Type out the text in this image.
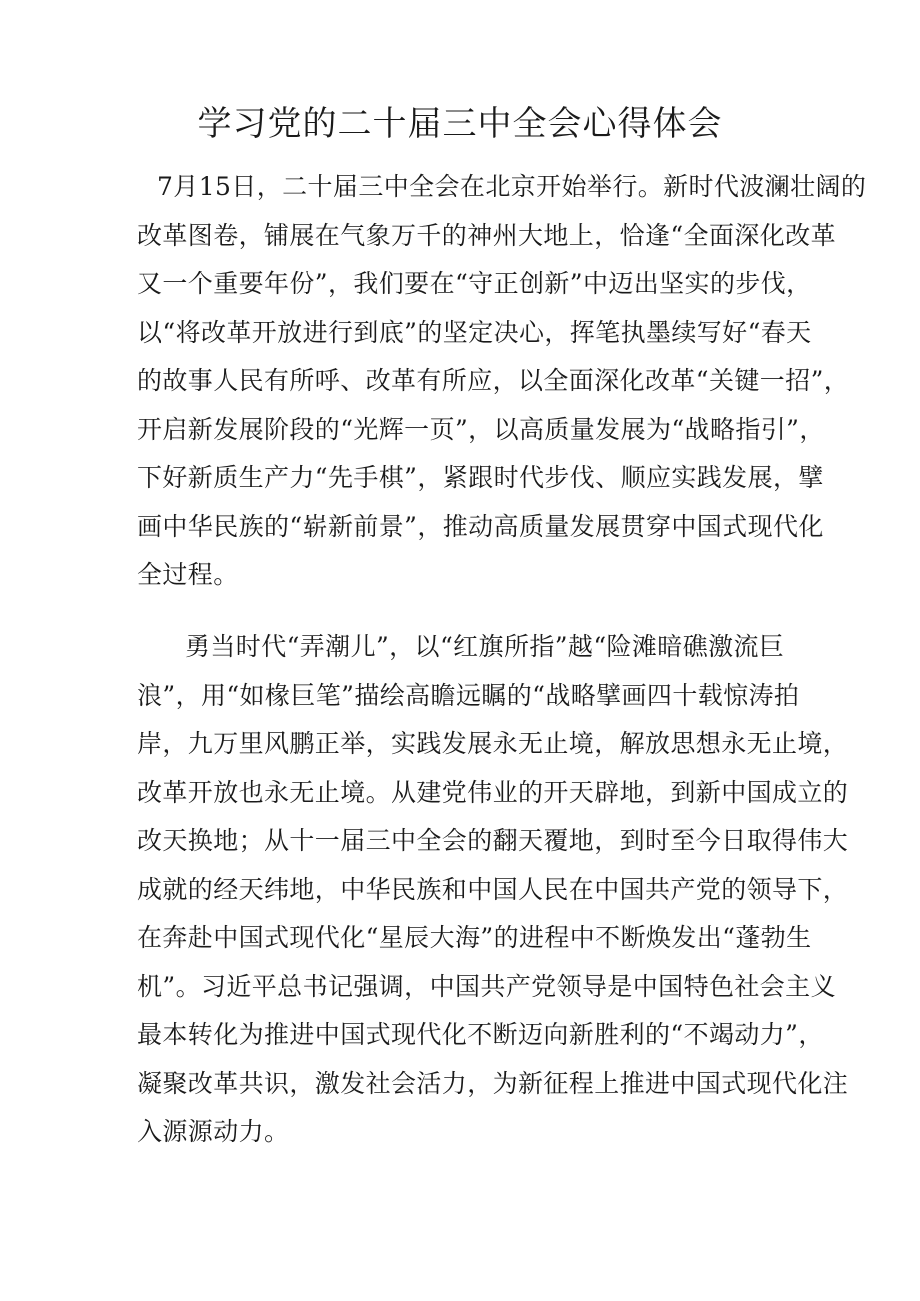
学习党的二十届三中全会心得体会
7月15日，二十届三中全会在北京开始举行。新时代波澜壮阔的
改革图卷，铺展在气象万千的神州大地上，恰逢“全面深化改革
又一个重要年份”，我们要在“守正创新”中迈出坚实的步伐，
以“将改革开放进行到底”的坚定决心，挥笔执墨续写好“春天
的故事人民有所呼、改革有所应，以全面深化改革“关键一招”，
开启新发展阶段的“光辉一页”，以高质量发展为“战略指引”，
下好新质生产力“先手棋”，紧跟时代步伐、顺应实践发展，擘
画中华民族的“崭新前景”，推动高质量发展贯穿中国式现代化
全过程。
勇当时代“弄潮儿”，以“红旗所指”越“险滩暗礁激流巨
浪”，用“如椽巨笔”描绘高瞻远瞩的“战略擘画四十载惊涛拍
岸，九万里风鹏正举，实践发展永无止境，解放思想永无止境，
改革开放也永无止境。从建党伟业的开天辟地，到新中国成立的
改天换地；从十一届三中全会的翻天覆地，到时至今日取得伟大
成就的经天纬地，中华民族和中国人民在中国共产党的领导下，
在奔赴中国式现代化“星辰大海”的进程中不断焕发出“蓬勃生
机”。习近平总书记强调，中国共产党领导是中国特色社会主义
最本转化为推进中国式现代化不断迈向新胜利的“不竭动力”，
凝聚改革共识，激发社会活力，为新征程上推进中国式现代化注
入源源动力。
